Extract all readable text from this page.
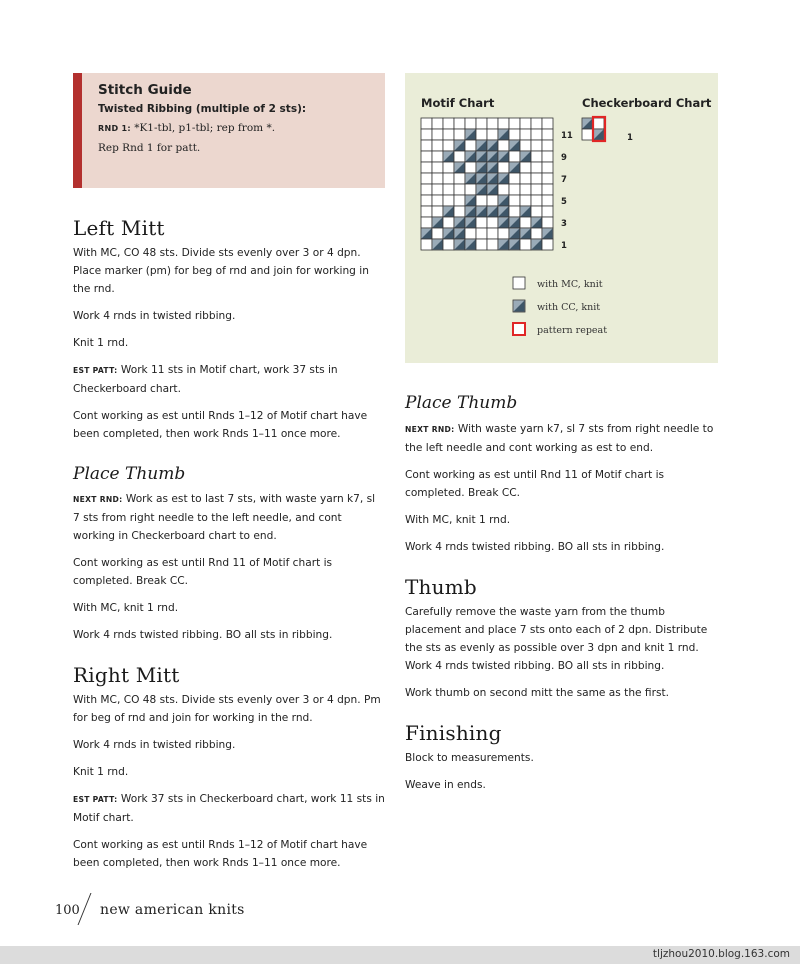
Stitch Guide
Twisted Ribbing (multiple of 2 sts):
RND 1: *K1-tbl, p1-tbl; rep from *.
Rep Rnd 1 for patt.
Motif Chart	Checkerboard Chart
11
9
7
5
3
1
1
with MC, knit
with CC, knit
pattern repeat
Left Mitt

With MC, CO 48 sts. Divide sts evenly over 3 or 4 dpn. Place marker (pm) for beg of rnd and join for working in the rnd.

Work 4 rnds in twisted ribbing.

Knit 1 rnd.

EST PATT: Work 11 sts in Motif chart, work 37 sts in Checkerboard chart.

Cont working as est until Rnds 1–12 of Motif chart have been completed, then work Rnds 1–11 once more.

Place Thumb

NEXT RND: Work as est to last 7 sts, with waste yarn k7, sl 7 sts from right needle to the left needle, and cont working in Checkerboard chart to end.

Cont working as est until Rnd 11 of Motif chart is completed. Break CC.

With MC, knit 1 rnd.

Work 4 rnds twisted ribbing. BO all sts in ribbing.

Right Mitt

With MC, CO 48 sts. Divide sts evenly over 3 or 4 dpn. Pm for beg of rnd and join for working in the rnd.

Work 4 rnds in twisted ribbing.

Knit 1 rnd.

EST PATT: Work 37 sts in Checkerboard chart, work 11 sts in Motif chart.

Cont working as est until Rnds 1–12 of Motif chart have been completed, then work Rnds 1–11 once more.

Place Thumb

NEXT RND: With waste yarn k7, sl 7 sts from right needle to the left needle and cont working as est to end.

Cont working as est until Rnd 11 of Motif chart is completed. Break CC.

With MC, knit 1 rnd.

Work 4 rnds twisted ribbing. BO all sts in ribbing.

Thumb

Carefully remove the waste yarn from the thumb placement and place 7 sts onto each of 2 dpn. Distribute the sts as evenly as possible over 3 dpn and knit 1 rnd. Work 4 rnds twisted ribbing. BO all sts in ribbing.

Work thumb on second mitt the same as the first.

Finishing

Block to measurements.

Weave in ends.

100 new american knits
tljzhou2010.blog.163.com
